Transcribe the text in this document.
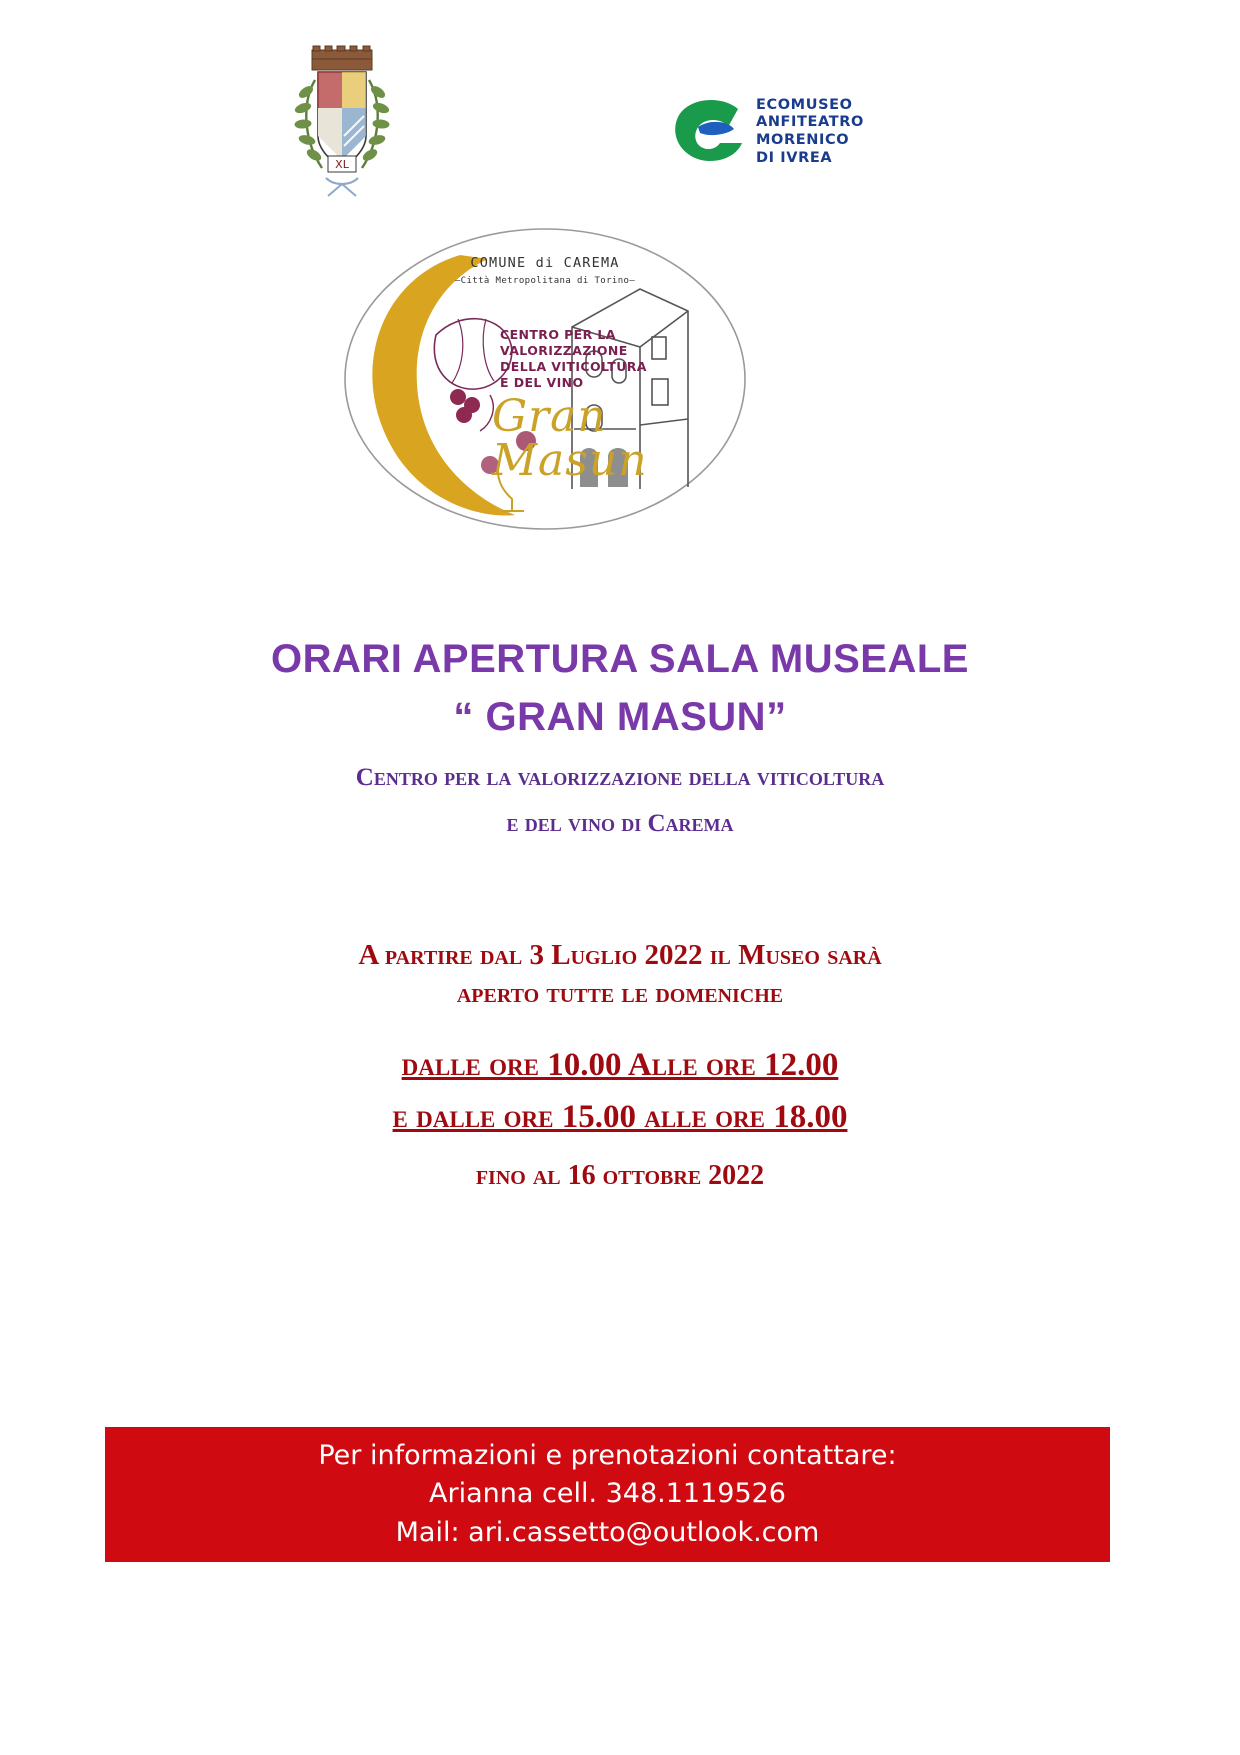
XL
ECOMUSEO
ANFITEATRO
MORENICO
DI IVREA
COMUNE di CAREMA
–Città Metropolitana di Torino–
CENTRO PER LA
VALORIZZAZIONE
DELLA VITICOLTURA
E DEL VINO
Gran
Masun
ORARI APERTURA SALA MUSEALE
“ GRAN MASUN”
Centro per la valorizzazione della viticoltura
e del vino di Carema
A partire dal 3 Luglio 2022 il Museo sarà
aperto tutte le domeniche
dalle ore 10.00 Alle ore 12.00
e dalle ore 15.00 alle ore 18.00
fino al 16 ottobre 2022
Per informazioni e prenotazioni contattare:
Arianna cell. 348.1119526
Mail: ari.cassetto@outlook.com
